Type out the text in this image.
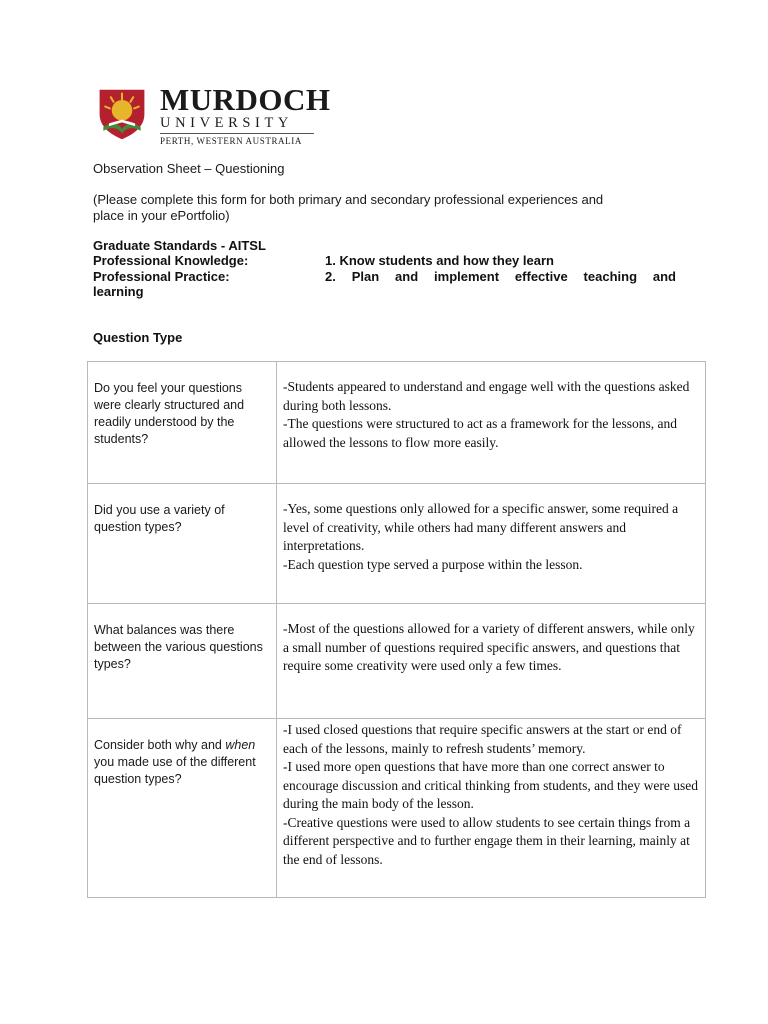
MURDOCH
UNIVERSITY
PERTH, WESTERN AUSTRALIA
Observation Sheet – Questioning
(Please complete this form for both primary and secondary professional experiences and
place in your ePortfolio)
Graduate Standards - AITSL
Professional Knowledge:	1. Know students and how they learn
Professional Practice:	2.  Plan  and  implement  effective  teaching  and
learning
Question Type
Do you feel your questions were clearly structured and readily understood by the students?	-Students appeared to understand and engage well with the questions asked during both lessons.
-The questions were structured to act as a framework for the lessons, and allowed the lessons to flow more easily.

Did you use a variety of question types?	-Yes, some questions only allowed for a specific answer, some required a level of creativity, while others had many different answers and interpretations.
-Each question type served a purpose within the lesson.

What balances was there between the various questions types?	-Most of the questions allowed for a variety of different answers, while only a small number of questions required specific answers, and questions that require some creativity were used only a few times.

Consider both why and when you made use of the different question types?	-I used closed questions that require specific answers at the start or end of each of the lessons, mainly to refresh students’ memory.
-I used more open questions that have more than one correct answer to encourage discussion and critical thinking from students, and they were used during the main body of the lesson.
-Creative questions were used to allow students to see certain things from a different perspective and to further engage them in their learning, mainly at the end of lessons.
